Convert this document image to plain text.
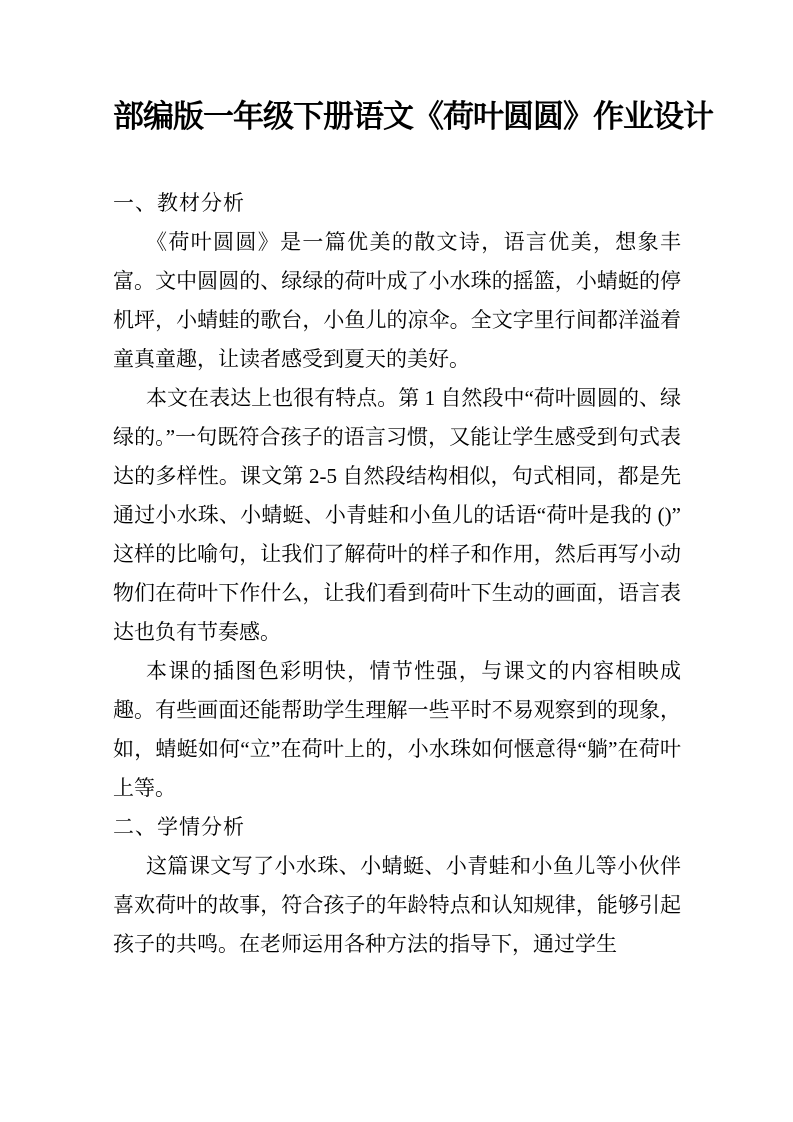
部编版一年级下册语文《荷叶圆圆》作业设计

一、教材分析

《荷叶圆圆》是一篇优美的散文诗，语言优美，想象丰富。文中圆圆的、绿绿的荷叶成了小水珠的摇篮，小蜻蜓的停机坪，小蜻蛙的歌台，小鱼儿的凉伞。全文字里行间都洋溢着童真童趣，让读者感受到夏天的美好。

本文在表达上也很有特点。第 1 自然段中“荷叶圆圆的、绿绿的。”一句既符合孩子的语言习惯，又能让学生感受到句式表达的多样性。课文第 2-5 自然段结构相似，句式相同，都是先通过小水珠、小蜻蜓、小青蛙和小鱼儿的话语“荷叶是我的 ()”这样的比喻句，让我们了解荷叶的样子和作用，然后再写小动物们在荷叶下作什么，让我们看到荷叶下生动的画面，语言表达也负有节奏感。

本课的插图色彩明快，情节性强，与课文的内容相映成趣。有些画面还能帮助学生理解一些平时不易观察到的现象，如，蜻蜓如何“立”在荷叶上的，小水珠如何惬意得“躺”在荷叶上等。

二、学情分析

这篇课文写了小水珠、小蜻蜓、小青蛙和小鱼儿等小伙伴喜欢荷叶的故事，符合孩子的年龄特点和认知规律，能够引起孩子的共鸣。在老师运用各种方法的指导下，通过学生
